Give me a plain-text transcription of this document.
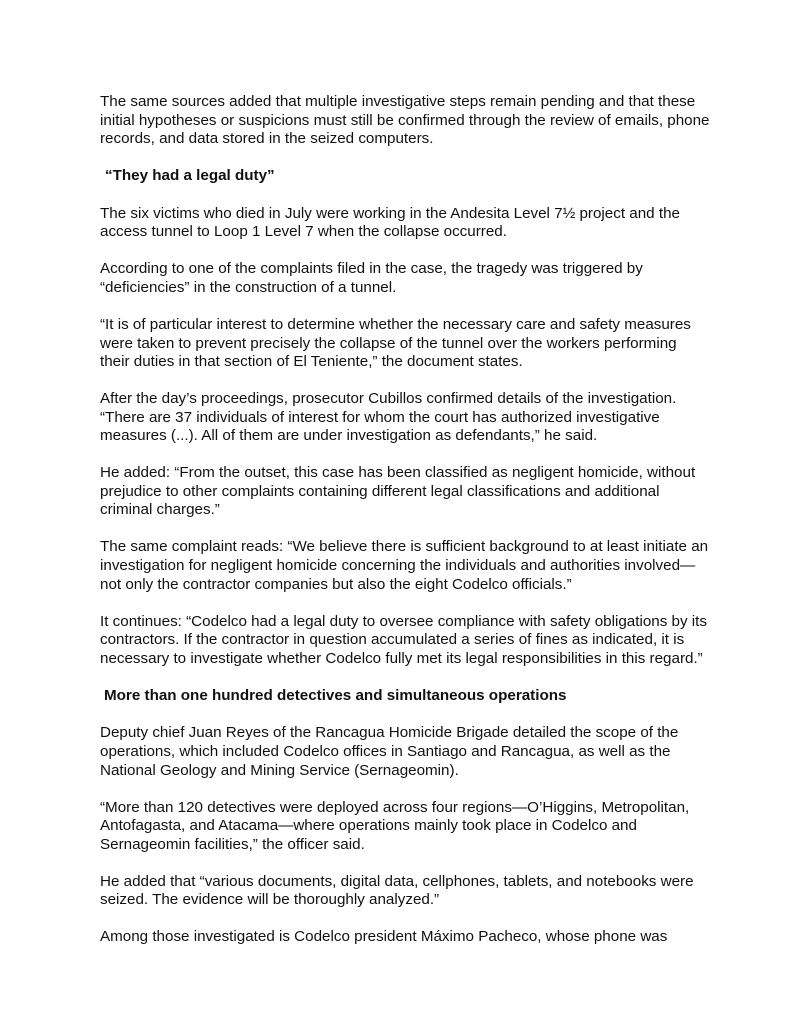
The same sources added that multiple investigative steps remain pending and that these initial hypotheses or suspicions must still be confirmed through the review of emails, phone records, and data stored in the seized computers.

“They had a legal duty”

The six victims who died in July were working in the Andesita Level 7½ project and the access tunnel to Loop 1 Level 7 when the collapse occurred.

According to one of the complaints filed in the case, the tragedy was triggered by “deficiencies” in the construction of a tunnel.

“It is of particular interest to determine whether the necessary care and safety measures were taken to prevent precisely the collapse of the tunnel over the workers performing their duties in that section of El Teniente,” the document states.

After the day’s proceedings, prosecutor Cubillos confirmed details of the investigation. “There are 37 individuals of interest for whom the court has authorized investigative measures (...). All of them are under investigation as defendants,” he said.

He added: “From the outset, this case has been classified as negligent homicide, without prejudice to other complaints containing different legal classifications and additional criminal charges.”

The same complaint reads: “We believe there is sufficient background to at least initiate an investigation for negligent homicide concerning the individuals and authorities involved—not only the contractor companies but also the eight Codelco officials.”

It continues: “Codelco had a legal duty to oversee compliance with safety obligations by its contractors. If the contractor in question accumulated a series of fines as indicated, it is necessary to investigate whether Codelco fully met its legal responsibilities in this regard.”

More than one hundred detectives and simultaneous operations

Deputy chief Juan Reyes of the Rancagua Homicide Brigade detailed the scope of the operations, which included Codelco offices in Santiago and Rancagua, as well as the National Geology and Mining Service (Sernageomin).

“More than 120 detectives were deployed across four regions—O’Higgins, Metropolitan, Antofagasta, and Atacama—where operations mainly took place in Codelco and Sernageomin facilities,” the officer said.

He added that “various documents, digital data, cellphones, tablets, and notebooks were seized. The evidence will be thoroughly analyzed.”

Among those investigated is Codelco president Máximo Pacheco, whose phone was
